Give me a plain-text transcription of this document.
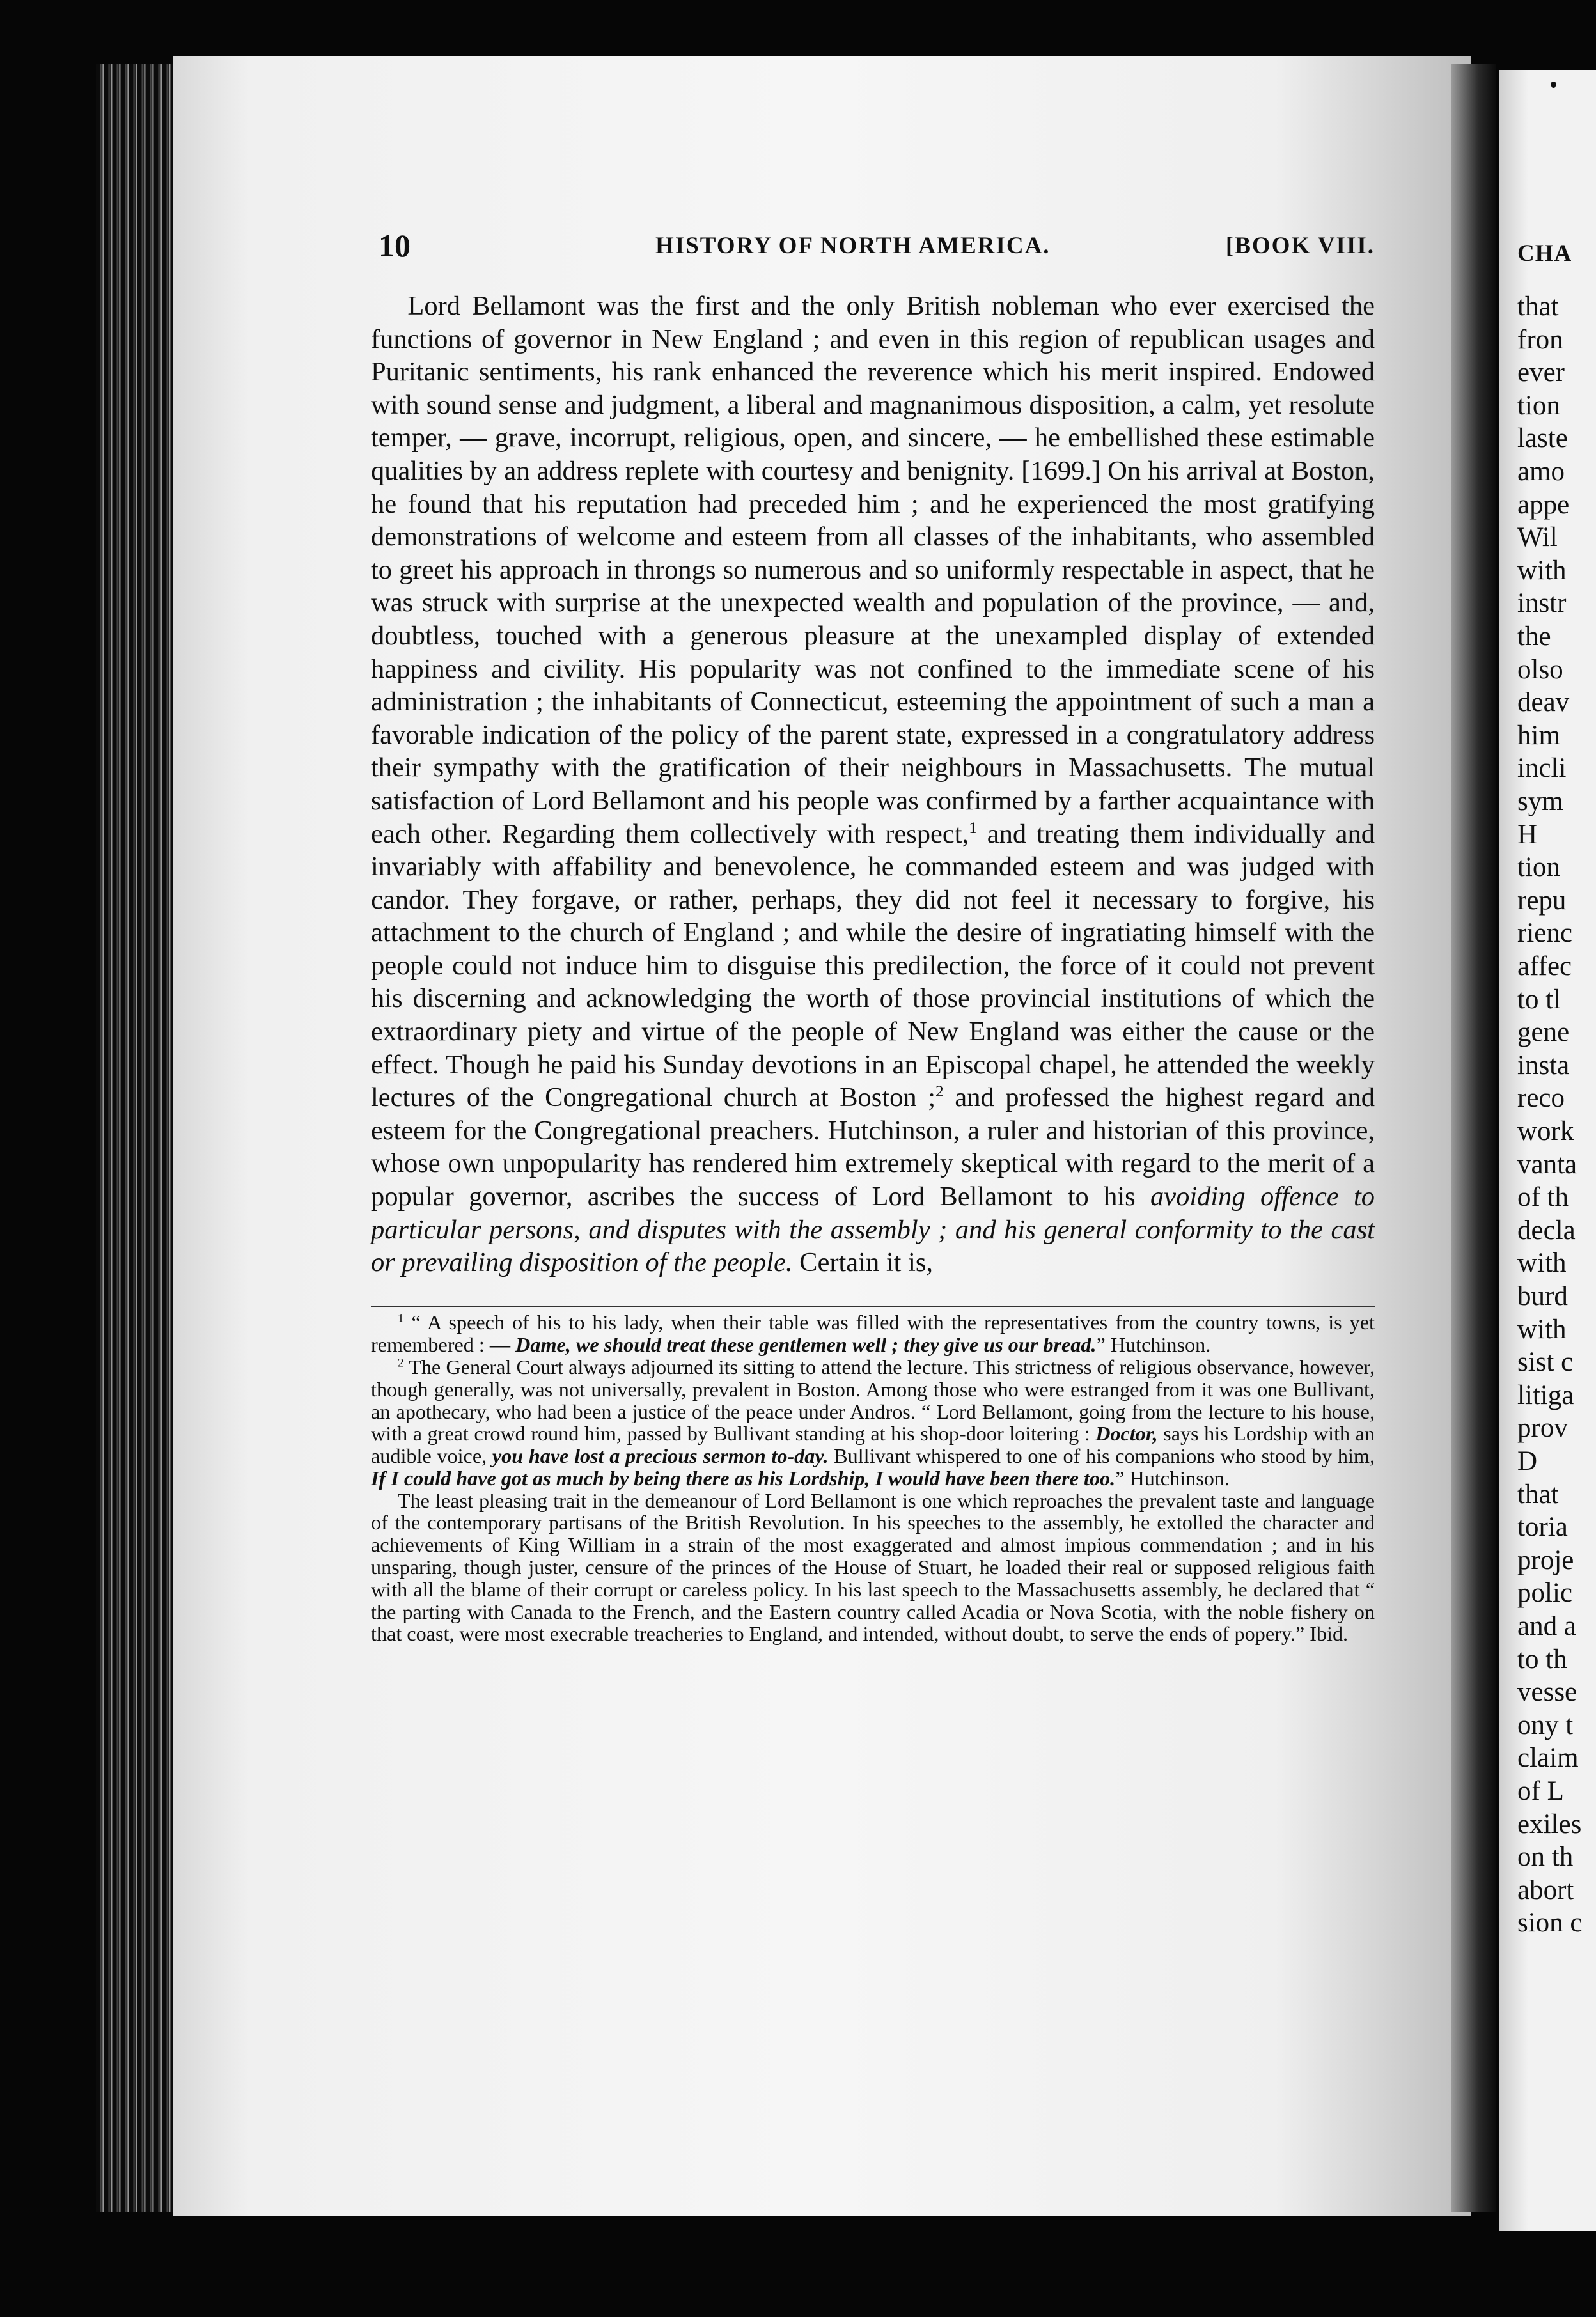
CHA
that
fron
ever
tion
laste
amo
appe
Wil
with
instr
the
olso
deav
him
incli
sym
H
tion
repu
rienc
affec
to tl
gene
insta
reco
work
vanta
of th
decla
with
burd
with
sist c
litiga
prov
D
that
toria
proje
polic
and a
to th
vesse
ony t
claim
of L
exiles
on th
abort
sion c
10	HISTORY OF NORTH AMERICA.	[BOOK VIII.

Lord Bellamont was the first and the only British nobleman who ever exercised the functions of governor in New England ; and even in this region of republican usages and Puritanic sentiments, his rank enhanced the reverence which his merit inspired. Endowed with sound sense and judgment, a liberal and magnanimous disposition, a calm, yet resolute temper, — grave, incorrupt, religious, open, and sincere, — he embellished these estimable qualities by an address replete with courtesy and benignity. [1699.] On his arrival at Boston, he found that his reputation had preceded him ; and he experienced the most gratifying demonstrations of welcome and esteem from all classes of the inhabitants, who assembled to greet his approach in throngs so numerous and so uniformly respectable in aspect, that he was struck with surprise at the unexpected wealth and population of the province, — and, doubtless, touched with a generous pleasure at the unexampled display of extended happiness and civility. His popularity was not confined to the immediate scene of his administration ; the inhabitants of Connecticut, esteeming the appointment of such a man a favorable indication of the policy of the parent state, expressed in a congratulatory address their sympathy with the gratification of their neighbours in Massachusetts. The mutual satisfaction of Lord Bellamont and his people was confirmed by a farther acquaintance with each other. Regarding them collectively with respect,$^1$ and treating them individually and invariably with affability and benevolence, he commanded esteem and was judged with candor. They forgave, or rather, perhaps, they did not feel it necessary to forgive, his attachment to the church of England ; and while the desire of ingratiating himself with the people could not induce him to disguise this predilection, the force of it could not prevent his discerning and acknowledging the worth of those provincial institutions of which the extraordinary piety and virtue of the people of New England was either the cause or the effect. Though he paid his Sunday devotions in an Episcopal chapel, he attended the weekly lectures of the Congregational church at Boston ;$^2$ and professed the highest regard and esteem for the Congregational preachers. Hutchinson, a ruler and historian of this province, whose own unpopularity has rendered him extremely skeptical with regard to the merit of a popular governor, ascribes the success of Lord Bellamont to his avoiding offence to particular persons, and disputes with the assembly ; and his general conformity to the cast or prevailing disposition of the people. Certain it is,

$^1$ “ A speech of his to his lady, when their table was filled with the representatives from the country towns, is yet remembered : — Dame, we should treat these gentlemen well ; they give us our bread.” Hutchinson.

$^2$ The General Court always adjourned its sitting to attend the lecture. This strictness of religious observance, however, though generally, was not universally, prevalent in Boston. Among those who were estranged from it was one Bullivant, an apothecary, who had been a justice of the peace under Andros. “ Lord Bellamont, going from the lecture to his house, with a great crowd round him, passed by Bullivant standing at his shop-door loitering : Doctor, says his Lordship with an audible voice, you have lost a precious sermon to-day. Bullivant whispered to one of his companions who stood by him, If I could have got as much by being there as his Lordship, I would have been there too.” Hutchinson.

The least pleasing trait in the demeanour of Lord Bellamont is one which reproaches the prevalent taste and language of the contemporary partisans of the British Revolution. In his speeches to the assembly, he extolled the character and achievements of King William in a strain of the most exaggerated and almost impious commendation ; and in his unsparing, though juster, censure of the princes of the House of Stuart, he loaded their real or supposed religious faith with all the blame of their corrupt or careless policy. In his last speech to the Massachusetts assembly, he declared that “ the parting with Canada to the French, and the Eastern country called Acadia or Nova Scotia, with the noble fishery on that coast, were most execrable treacheries to England, and intended, without doubt, to serve the ends of popery.” Ibid.
